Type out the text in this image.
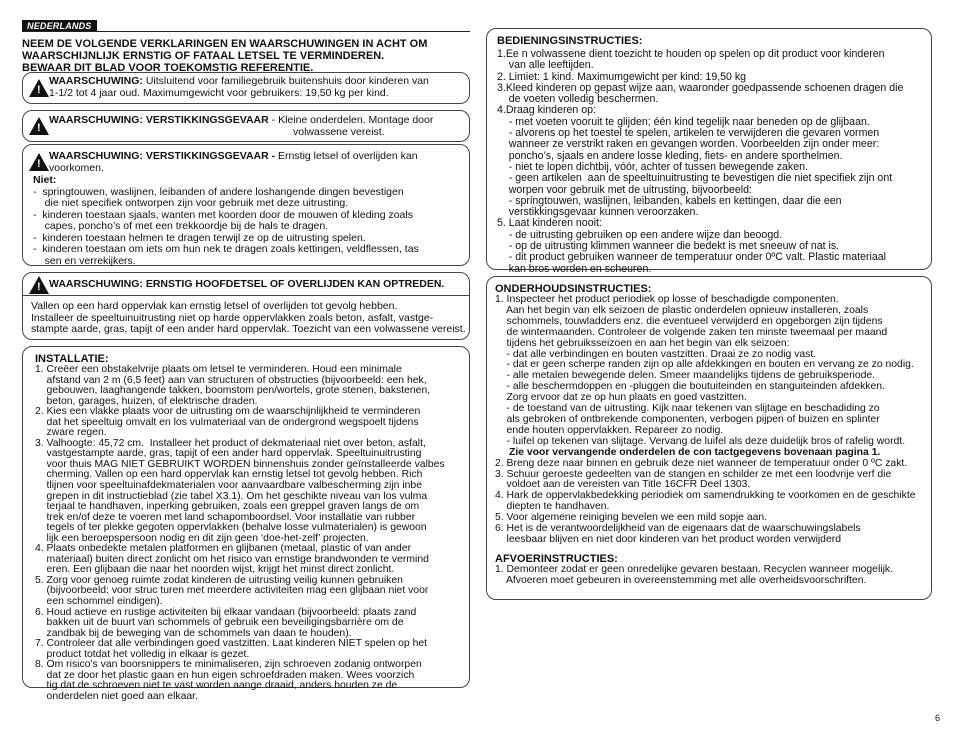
NEDERLANDS
NEEM DE VOLGENDE VERKLARINGEN EN WAARSCHUWINGEN IN ACHT OM
WAARSCHIJNLIJK ERNSTIG OF FATAAL LETSEL TE VERMINDEREN.
BEWAAR DIT BLAD VOOR TOEKOMSTIG REFERENTIE.
!
WAARSCHUWING: Uitsluitend voor familiegebruik buitenshuis door kinderen van
1-1/2 tot 4 jaar oud. Maximumgewicht voor gebruikers: 19,50 kg per kind.
!
WAARSCHUWING: VERSTIKKINGSGEVAAR - Kleine onderdelen. Montage door
volwassene vereist.
!
WAARSCHUWING: VERSTIKKINGSGEVAAR - Ernstig letsel of overlijden kan voorkomen.
Niet:
-  springtouwen, waslijnen, leibanden of andere loshangende dingen bevestigen
die niet specifiek ontworpen zijn voor gebruik met deze uitrusting.
-  kinderen toestaan sjaals, wanten met koorden door de mouwen of kleding zoals
capes, poncho’s of met een trekkoordje bij de hals te dragen.
-  kinderen toestaan helmen te dragen terwijl ze op de uitrusting spelen.
-  kinderen toestaan om iets om hun nek te dragen zoals kettingen, veldflessen, tas
sen en verrekijkers.
! WAARSCHUWING: ERNSTIG HOOFDETSEL OF OVERLIJDEN KAN OPTREDEN.
Vallen op een hard oppervlak kan ernstig letsel of overlijden tot gevolg hebben.
Installeer de speeltuinuitrusting niet op harde oppervlakken zoals beton, asfalt, vastge-
stampte aarde, gras, tapijt of een ander hard oppervlak. Toezicht van een volwassene vereist.
INSTALLATIE:
1. Creëer een obstakelvrije plaats om letsel te verminderen. Houd een minimale
afstand van 2 m (6,5 feet) aan van structuren of obstructies (bijvoorbeeld: een hek,
gebouwen, laaghangende takken, boomstom pen/wortels, grote stenen, bakstenen,
beton, garages, huizen, of elektrische draden.
2. Kies een vlakke plaats voor de uitrusting om de waarschijnlijkheid te verminderen
dat het speeltuig omvalt en los vulmateriaal van de ondergrond wegspoelt tijdens
zware regen.
3. Valhoogte: 45,72 cm.  Installeer het product of dekmateriaal niet over beton, asfalt,
vastgestampte aarde, gras, tapijt of een ander hard oppervlak. Speeltuinuitrusting
voor thuis MAG NIET GEBRUIKT WORDEN binnenshuis zonder geïnstalleerde valbes
cherming. Vallen op een hard oppervlak kan ernstig letsel tot gevolg hebben. Rich
tlijnen voor speeltuinafdekmaterialen voor aanvaardbare valbescherming zijn inbe
grepen in dit instructieblad (zie tabel X3.1). Om het geschikte niveau van los vulma
terjaal te handhaven, inperking gebruiken, zoals een greppel graven langs de om
trek en/of deze te voeren met land schapomboordsel. Voor installatie van rubber
tegels of ter plekke gegoten oppervlakken (behalve losse vulmaterialen) is gewoon
lijk een beroepspersoon nodig en dit zijn geen ‘doe-het-zelf’ projecten.
4. Plaats onbedekte metalen platformen en glijbanen (metaal, plastic of van ander
materiaal) buiten direct zonlicht om het risico van ernstige brandwonden te vermind
eren. Een glijbaan die naar het noorden wijst, krijgt het minst direct zonlicht.
5. Zorg voor genoeg ruimte zodat kinderen de uitrusting veilig kunnen gebruiken
(bijvoorbeeld: voor struc turen met meerdere activiteiten mag een glijbaan niet voor
een schommel eindigen).
6. Houd actieve en rustige activiteiten bij elkaar vandaan (bijvoorbeeld: plaats zand
bakken uit de buurt van schommels of gebruik een beveiligingsbarrière om de
zandbak bij de beweging van de schommels van daan te houden).
7. Controleer dat alle verbindingen goed vastzitten. Laat kinderen NIET spelen op het
product totdat het volledig in elkaar is gezet.
8. Om risico’s van boorsnippers te minimaliseren, zijn schroeven zodanig ontworpen
dat ze door het plastic gaan en hun eigen schroefdraden maken. Wees voorzich
tig dat de schroeven niet te vast worden aange draaid, anders houden ze de
onderdelen niet goed aan elkaar.
BEDIENINGSINSTRUCTIES:
1.Ee n volwassene dient toezicht te houden op spelen op dit product voor kinderen
van alle leeftijden.
2. Limiet: 1 kind. Maximumgewicht per kind: 19,50 kg
3.Kleed kinderen op gepast wijze aan, waaronder goedpassende schoenen dragen die
de voeten volledig beschermen.
4.Draag kinderen op:
- met voeten vooruit te glijden; één kind tegelijk naar beneden op de glijbaan.
- alvorens op het toestel te spelen, artikelen te verwijderen die gevaren vormen
wanneer ze verstrikt raken en gevangen worden. Voorbeelden zijn onder meer:
poncho’s, sjaals en andere losse kleding, fiets- en andere sporthelmen.
- niet te lopen dichtbij, vóór, achter of tussen bewegende zaken.
- geen artikelen  aan de speeltuinuitrusting te bevestigen die niet specifiek zijn ont
worpen voor gebruik met de uitrusting, bijvoorbeeld:
- springtouwen, waslijnen, leibanden, kabels en kettingen, daar die een
verstikkingsgevaar kunnen veroorzaken.
5. Laat kinderen nooit:
- de uitrusting gebruiken op een andere wijze dan beoogd.
- op de uitrusting klimmen wanneer die bedekt is met sneeuw of nat is.
- dit product gebruiken wanneer de temperatuur onder 0ºC valt. Plastic materiaal
kan bros worden en scheuren.
ONDERHOUDSINSTRUCTIES:
1. Inspecteer het product periodiek op losse of beschadigde componenten.
Aan het begin van elk seizoen de plastic onderdelen opnieuw installeren, zoals
schommels, touwladders enz. die eventueel verwijderd en opgeborgen zijn tijdens
de wintermaanden. Controleer de volgende zaken ten minste tweemaal per maand
tijdens het gebruiksseizoen en aan het begin van elk seizoen:
- dat alle verbindingen en bouten vastzitten. Draai ze zo nodig vast.
- dat er geen scherpe randen zijn op alle afdekkingen en bouten en vervang ze zo nodig.
- alle metalen bewegende delen. Smeer maandelijks tijdens de gebruiksperiode.
- alle beschermdoppen en -pluggen die boutuiteinden en stanguiteinden afdekken.
Zorg ervoor dat ze op hun plaats en goed vastzitten.
- de toestand van de uitrusting. Kijk naar tekenen van slijtage en beschadiding zo
als gebroken of ontbrekende componenten, verbogen pijpen of buizen en splinter
ende houten oppervlakken. Repareer zo nodig.
- luifel op tekenen van slijtage. Vervang de luifel als deze duidelijk bros of rafelig wordt.
Zie voor vervangende onderdelen de con tactgegevens bovenaan pagina 1.
2. Breng deze naar binnen en gebruik deze niet wanneer de temperatuur onder 0 ºC zakt.
3. Schuur geroeste gedeelten van de stangen en schilder ze met een loodvrije verf die
voldoet aan de vereisten van Title 16CFR Deel 1303.
4. Hark de oppervlakbedekking periodiek om samendrukking te voorkomen en de geschikte
diepten te handhaven.
5. Voor algemene reiniging bevelen we een mild sopje aan.
6. Het is de verantwoordelijkheid van de eigenaars dat de waarschuwingslabels
leesbaar blijven en niet door kinderen van het product worden verwijderd
AFVOERINSTRUCTIES:
1. Demonteer zodat er geen onredelijke gevaren bestaan. Recyclen wanneer mogelijk.
Afvoeren moet gebeuren in overeenstemming met alle overheidsvoorschriften.
6
